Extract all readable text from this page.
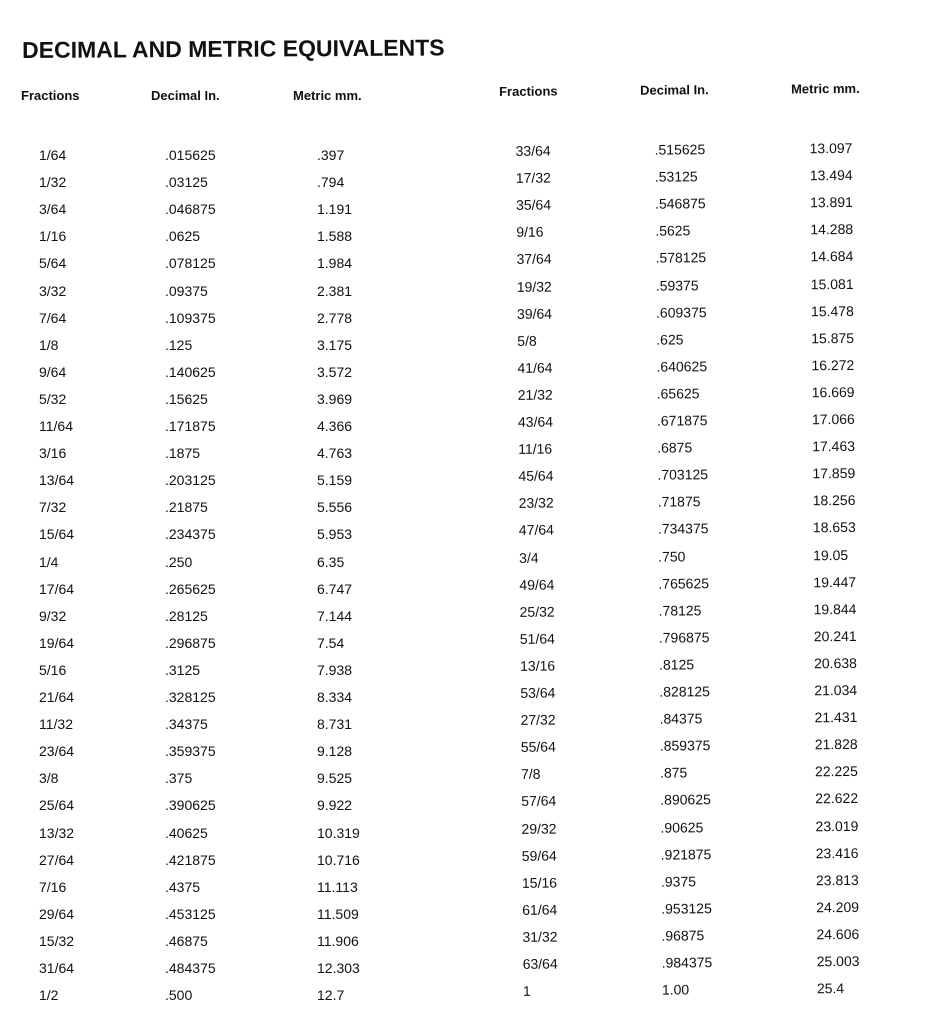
DECIMAL AND METRIC EQUIVALENTS
Fractions	Decimal In.	Metric mm.
1/64	.015625	.397
1/32	.03125	.794
3/64	.046875	1.191
1/16	.0625	1.588
5/64	.078125	1.984
3/32	.09375	2.381
7/64	.109375	2.778
1/8	.125	3.175
9/64	.140625	3.572
5/32	.15625	3.969
11/64	.171875	4.366
3/16	.1875	4.763
13/64	.203125	5.159
7/32	.21875	5.556
15/64	.234375	5.953
1/4	.250	6.35
17/64	.265625	6.747
9/32	.28125	7.144
19/64	.296875	7.54
5/16	.3125	7.938
21/64	.328125	8.334
11/32	.34375	8.731
23/64	.359375	9.128
3/8	.375	9.525
25/64	.390625	9.922
13/32	.40625	10.319
27/64	.421875	10.716
7/16	.4375	11.113
29/64	.453125	11.509
15/32	.46875	11.906
31/64	.484375	12.303
1/2	.500	12.7
Fractions	Decimal In.	Metric mm.
33/64	.515625	13.097
17/32	.53125	13.494
35/64	.546875	13.891
9/16	.5625	14.288
37/64	.578125	14.684
19/32	.59375	15.081
39/64	.609375	15.478
5/8	.625	15.875
41/64	.640625	16.272
21/32	.65625	16.669
43/64	.671875	17.066
11/16	.6875	17.463
45/64	.703125	17.859
23/32	.71875	18.256
47/64	.734375	18.653
3/4	.750	19.05
49/64	.765625	19.447
25/32	.78125	19.844
51/64	.796875	20.241
13/16	.8125	20.638
53/64	.828125	21.034
27/32	.84375	21.431
55/64	.859375	21.828
7/8	.875	22.225
57/64	.890625	22.622
29/32	.90625	23.019
59/64	.921875	23.416
15/16	.9375	23.813
61/64	.953125	24.209
31/32	.96875	24.606
63/64	.984375	25.003
1	1.00	25.4
